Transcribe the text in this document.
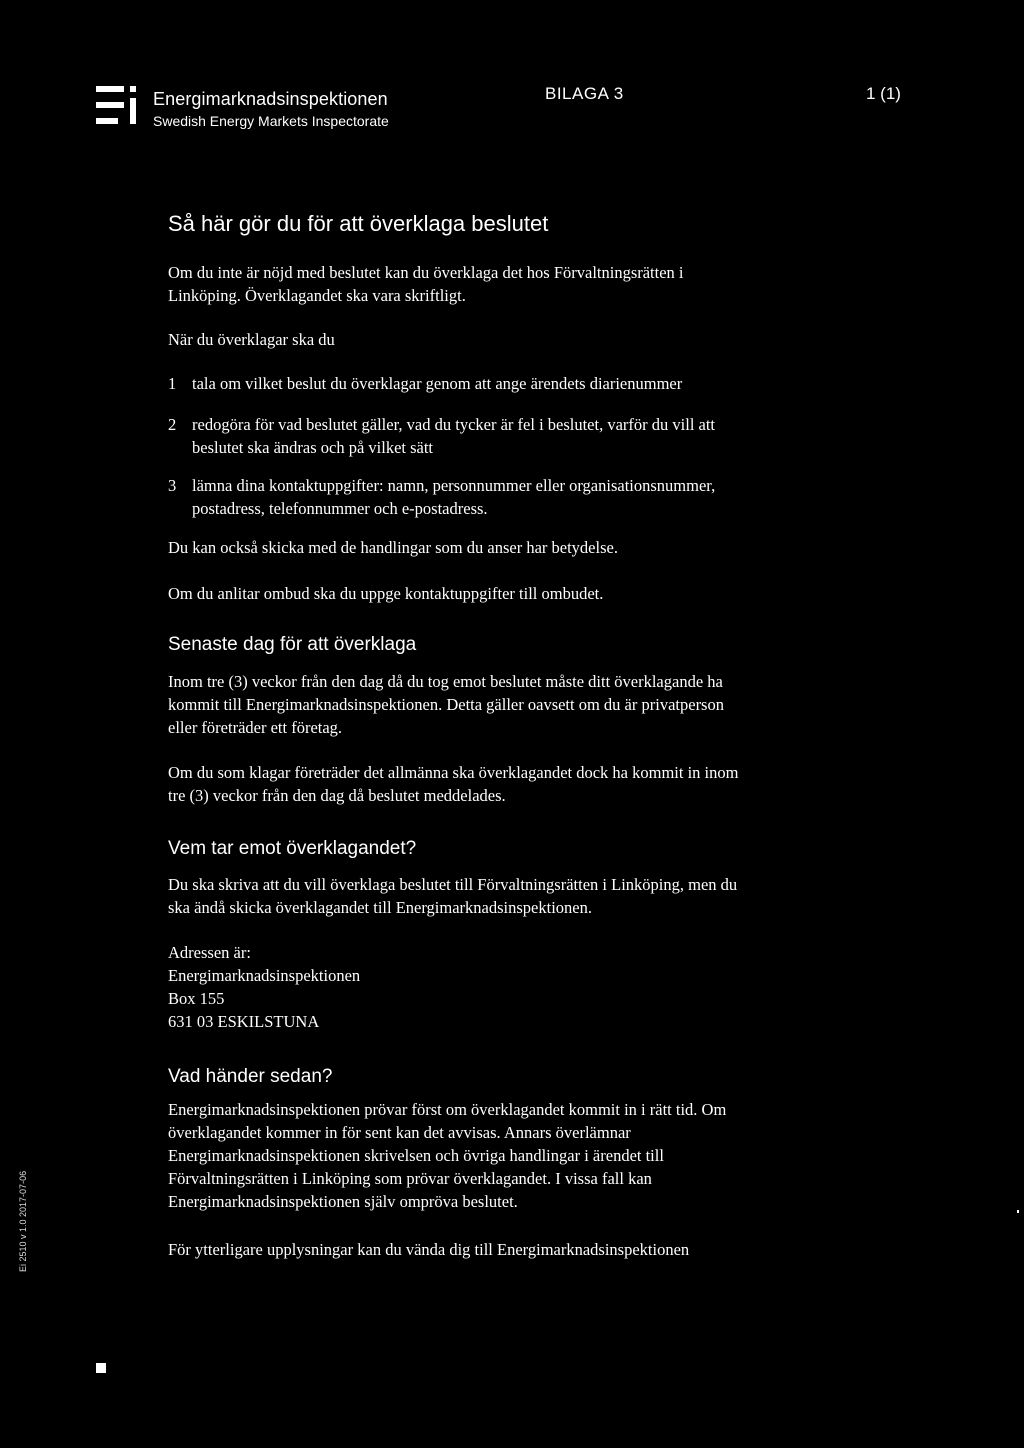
Energimarknadsinspektionen
Swedish Energy Markets Inspectorate
BILAGA 3	1 (1)
Så här gör du för att överklaga beslutet
Om du inte är nöjd med beslutet kan du överklaga det hos Förvaltningsrätten i
Linköping. Överklagandet ska vara skriftligt.
När du överklagar ska du
1 tala om vilket beslut du överklagar genom att ange ärendets diarienummer
2 redogöra för vad beslutet gäller, vad du tycker är fel i beslutet, varför du vill att
beslutet ska ändras och på vilket sätt
3 lämna dina kontaktuppgifter: namn, personnummer eller organisationsnummer,
postadress, telefonnummer och e-postadress.
Du kan också skicka med de handlingar som du anser har betydelse.
Om du anlitar ombud ska du uppge kontaktuppgifter till ombudet.
Senaste dag för att överklaga
Inom tre (3) veckor från den dag då du tog emot beslutet måste ditt överklagande ha
kommit till Energimarknadsinspektionen. Detta gäller oavsett om du är privatperson
eller företräder ett företag.
Om du som klagar företräder det allmänna ska överklagandet dock ha kommit in inom
tre (3) veckor från den dag då beslutet meddelades.
Vem tar emot överklagandet?
Du ska skriva att du vill överklaga beslutet till Förvaltningsrätten i Linköping, men du
ska ändå skicka överklagandet till Energimarknadsinspektionen.
Adressen är:
Energimarknadsinspektionen
Box 155
631 03 ESKILSTUNA
Vad händer sedan?
Energimarknadsinspektionen prövar först om överklagandet kommit in i rätt tid. Om
överklagandet kommer in för sent kan det avvisas. Annars överlämnar
Energimarknadsinspektionen skrivelsen och övriga handlingar i ärendet till
Förvaltningsrätten i Linköping som prövar överklagandet. I vissa fall kan
Energimarknadsinspektionen själv ompröva beslutet.
För ytterligare upplysningar kan du vända dig till Energimarknadsinspektionen
Ei 2510 v 1.0 2017-07-06
